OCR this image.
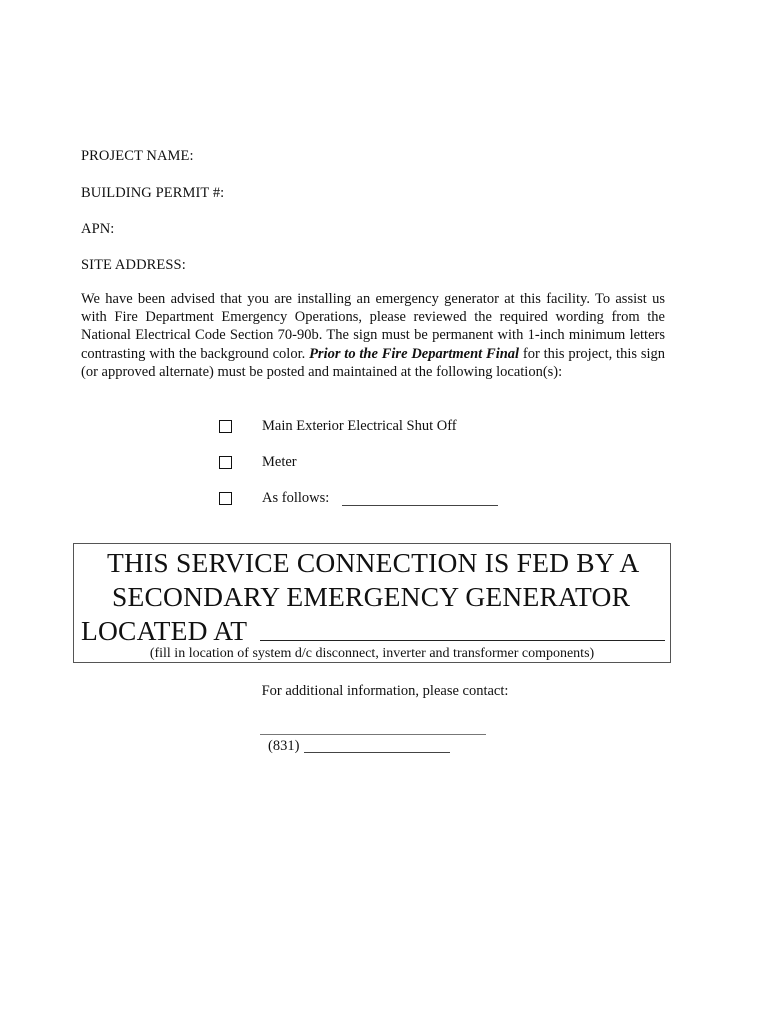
PROJECT NAME:
BUILDING PERMIT #:
APN:
SITE ADDRESS:
We have been advised that you are installing an emergency generator at this facility. To assist us with Fire Department Emergency Operations, please reviewed the required wording from the National Electrical Code Section 70-90b. The sign must be permanent with 1-inch minimum letters contrasting with the background color. Prior to the Fire Department Final for this project, this sign (or approved alternate) must be posted and maintained at the following location(s):
Main Exterior Electrical Shut Off
Meter
As follows:
THIS SERVICE CONNECTION IS FED BY A
SECONDARY EMERGENCY GENERATOR
LOCATED AT
(fill in location of system d/c disconnect, inverter and transformer components)
For additional information, please contact:
(831)
